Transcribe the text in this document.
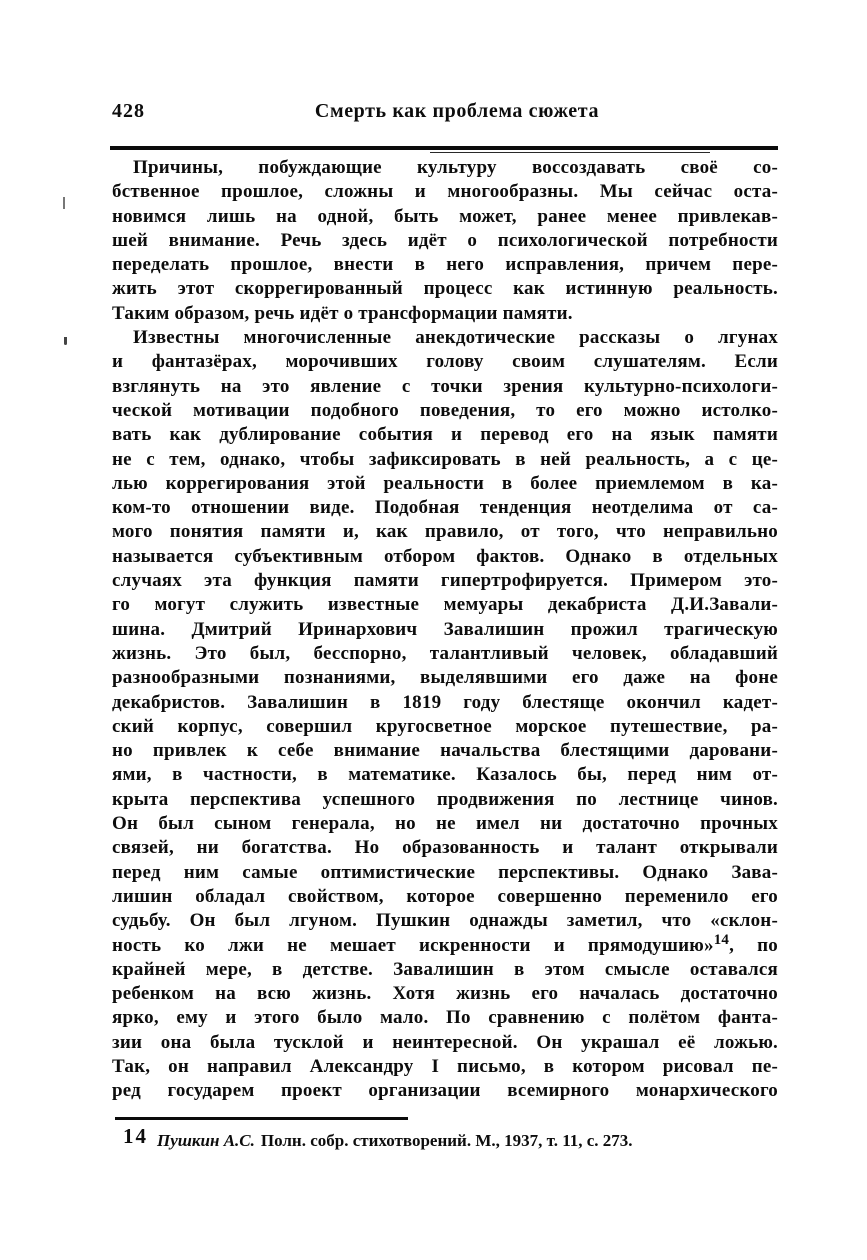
428	Смерть как проблема сюжета
Причины, побуждающие культуру воссоздавать своё со-
бственное прошлое, сложны и многообразны. Мы сейчас оста-
новимся лишь на одной, быть может, ранее менее привлекав-
шей внимание. Речь здесь идёт о психологической потребности
переделать прошлое, внести в него исправления, причем пере-
жить этот скоррегированный процесс как истинную реальность.
Таким образом, речь идёт о трансформации памяти.
Известны многочисленные анекдотические рассказы о лгунах
и фантазёрах, морочивших голову своим слушателям. Если
взглянуть на это явление с точки зрения культурно-психологи-
ческой мотивации подобного поведения, то его можно истолко-
вать как дублирование события и перевод его на язык памяти
не с тем, однако, чтобы зафиксировать в ней реальность, а с це-
лью коррегирования этой реальности в более приемлемом в ка-
ком-то отношении виде. Подобная тенденция неотделима от са-
мого понятия памяти и, как правило, от того, что неправильно
называется субъективным отбором фактов. Однако в отдельных
случаях эта функция памяти гипертрофируется. Примером это-
го могут служить известные мемуары декабриста Д.И.Завали-
шина. Дмитрий Иринархович Завалишин прожил трагическую
жизнь. Это был, бесспорно, талантливый человек, обладавший
разнообразными познаниями, выделявшими его даже на фоне
декабристов. Завалишин в 1819 году блестяще окончил кадет-
ский корпус, совершил кругосветное морское путешествие, ра-
но привлек к себе внимание начальства блестящими даровани-
ями, в частности, в математике. Казалось бы, перед ним от-
крыта перспектива успешного продвижения по лестнице чинов.
Он был сыном генерала, но не имел ни достаточно прочных
связей, ни богатства. Но образованность и талант открывали
перед ним самые оптимистические перспективы. Однако Зава-
лишин обладал свойством, которое совершенно переменило его
судьбу. Он был лгуном. Пушкин однажды заметил, что «склон-
ность ко лжи не мешает искренности и прямодушию»$^{14}$, по
крайней мере, в детстве. Завалишин в этом смысле оставался
ребенком на всю жизнь. Хотя жизнь его началась достаточно
ярко, ему и этого было мало. По сравнению с полётом фанта-
зии она была тусклой и неинтересной. Он украшал её ложью.
Так, он направил Александру I письмо, в котором рисовал пе-
ред государем проект организации всемирного монархического
14 Пушкин А.С. Полн. собр. стихотворений. М., 1937, т. 11, с. 273.
